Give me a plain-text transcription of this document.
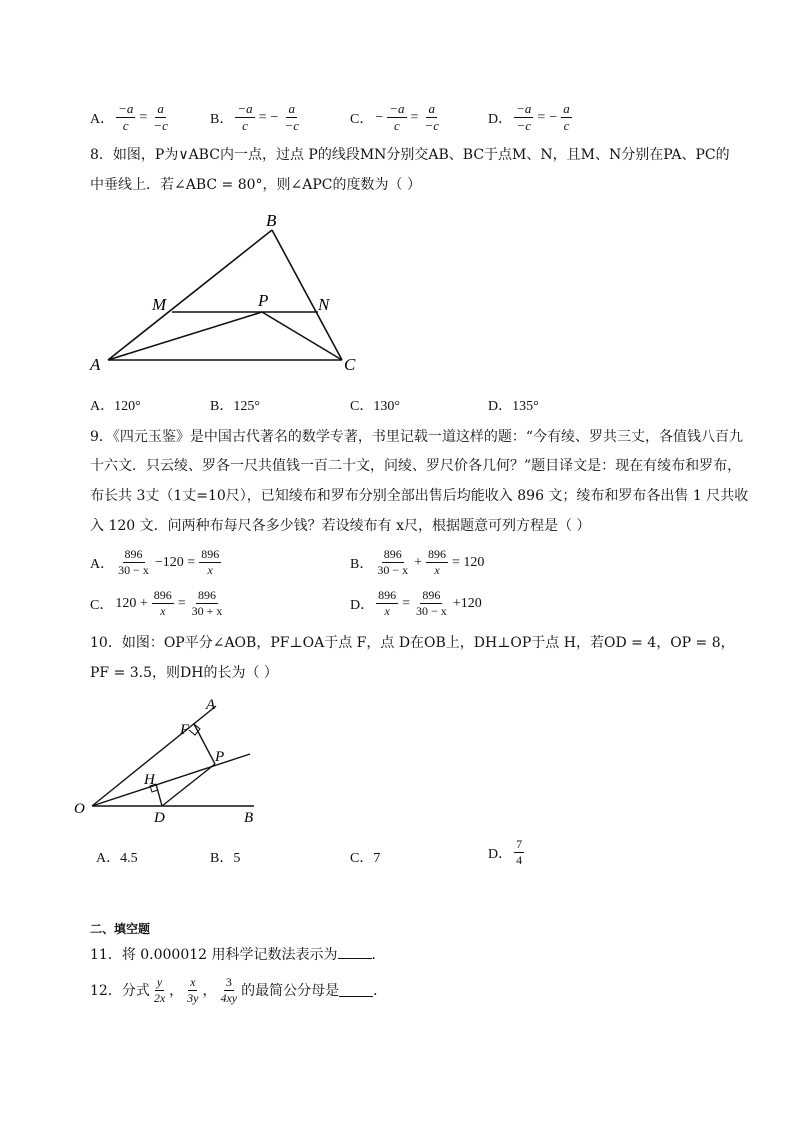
A． $\frac{-a}{c} = \frac{a}{-c}$	B． $\frac{-a}{c}$ = − $\frac{a}{-c}$	C． − $\frac{-a}{c} = \frac{a}{-c}$	D． $\frac{-a}{-c}$ = − $\frac{a}{c}$
8．如图，P为∨ABC内一点，过点 P的线段MN分别交AB、BC于点M、N，且M、N分别在PA、PC的
中垂线上．若∠ABC = 80°，则∠APC的度数为（ ）
B
M	P	N
A	C
A．120°	B．125°	C．130°	D．135°
9．《四元玉鉴》是中国古代著名的数学专著，书里记载一道这样的题：“今有绫、罗共三丈，各值钱八百九
十六文．只云绫、罗各一尺共值钱一百二十文，问绫、罗尺价各几何？”题目译文是：现在有绫布和罗布，
布长共 3丈（1丈=10尺），已知绫布和罗布分别全部出售后均能收入 896 文；绫布和罗布各出售 1 尺共收
入 120 文．问两种布每尺各多少钱？若设绫布有 x尺，根据题意可列方程是（ ）
A． $\frac{896}{30 - x} -120 = \frac{896}{x}$	B． $\frac{896}{30 - x} + \frac{896}{x} = 120$
C． $120 + \frac{896}{x} = \frac{896}{30 + x}$	D． $\frac{896}{x} = \frac{896}{30 - x} +120$
10．如图：OP平分∠AOB，PF⊥OA于点 F，点 D在OB上，DH⊥OP于点 H，若OD = 4，OP = 8，
PF = 3.5，则DH的长为（ ）
A
F
P
H
O
D	B
A．4.5	B．5	C．7	D． $\frac{7}{4}$
二、填空题
11．将 0.000012 用科学记数法表示为 ．
12．分式 $\frac{y}{2x}$ ， $\frac{x}{3y}$ ， $\frac{3}{4xy}$ 的最简公分母是 ．
